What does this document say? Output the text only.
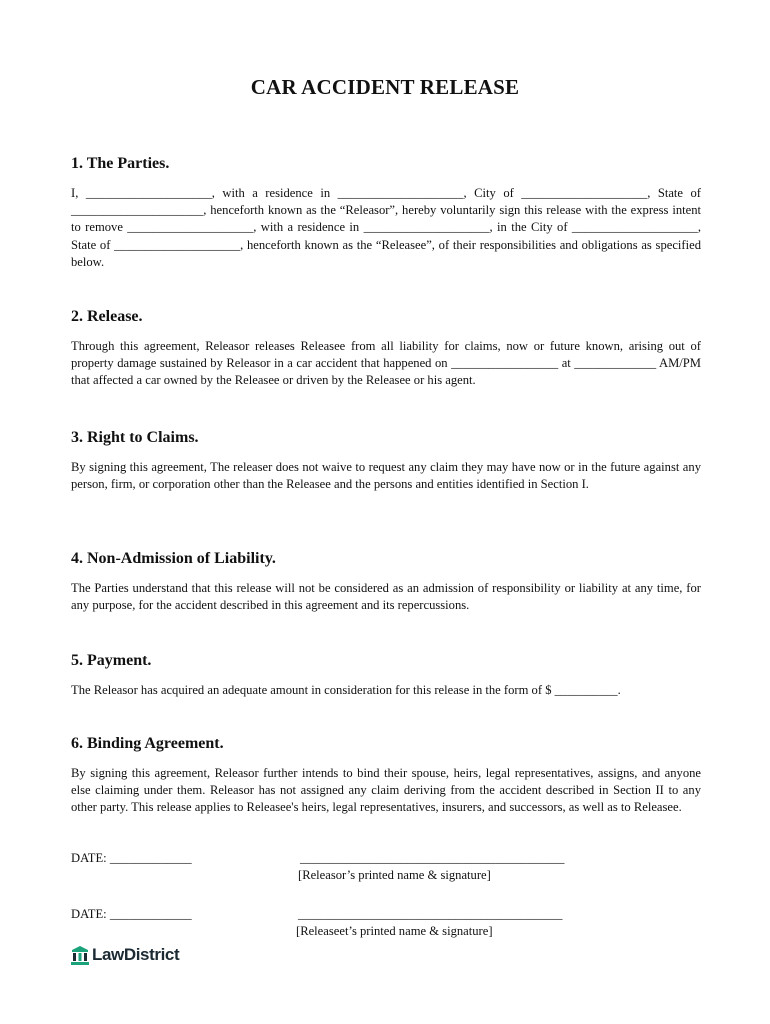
CAR ACCIDENT RELEASE
1. The Parties.

I, ____________________, with a residence in ____________________, City of ____________________, State of _____________________, henceforth known as the “Releasor”, hereby voluntarily sign this release with the express intent to remove ____________________, with a residence in ____________________, in the City of ____________________, State of ____________________, henceforth known as the “Releasee”, of their responsibilities and obligations as specified below.

2. Release.

Through this agreement, Releasor releases Releasee from all liability for claims, now or future known, arising out of property damage sustained by Releasor in a car accident that happened on _________________ at _____________ AM/PM that affected a car owned by the Releasee or driven by the Releasee or his agent.

3. Right to Claims.

By signing this agreement, The releaser does not waive to request any claim they may have now or in the future against any person, firm, or corporation other than the Releasee and the persons and entities identified in Section I.

4. Non-Admission of Liability.

The Parties understand that this release will not be considered as an admission of responsibility or liability at any time, for any purpose, for the accident described in this agreement and its repercussions.

5. Payment.

The Releasor has acquired an adequate amount in consideration for this release in the form of $ __________.

6. Binding Agreement.

By signing this agreement, Releasor further intends to bind their spouse, heirs, legal representatives, assigns, and anyone else claiming under them. Releasor has not assigned any claim deriving from the accident described in Section II to any other party. This release applies to Releasee's heirs, legal representatives, insurers, and successors, as well as to Releasee.

DATE: _____________	__________________________________________
[Releasor’s printed name & signature]
DATE: _____________	__________________________________________
[Releaseet’s printed name & signature]
LawDistrict
